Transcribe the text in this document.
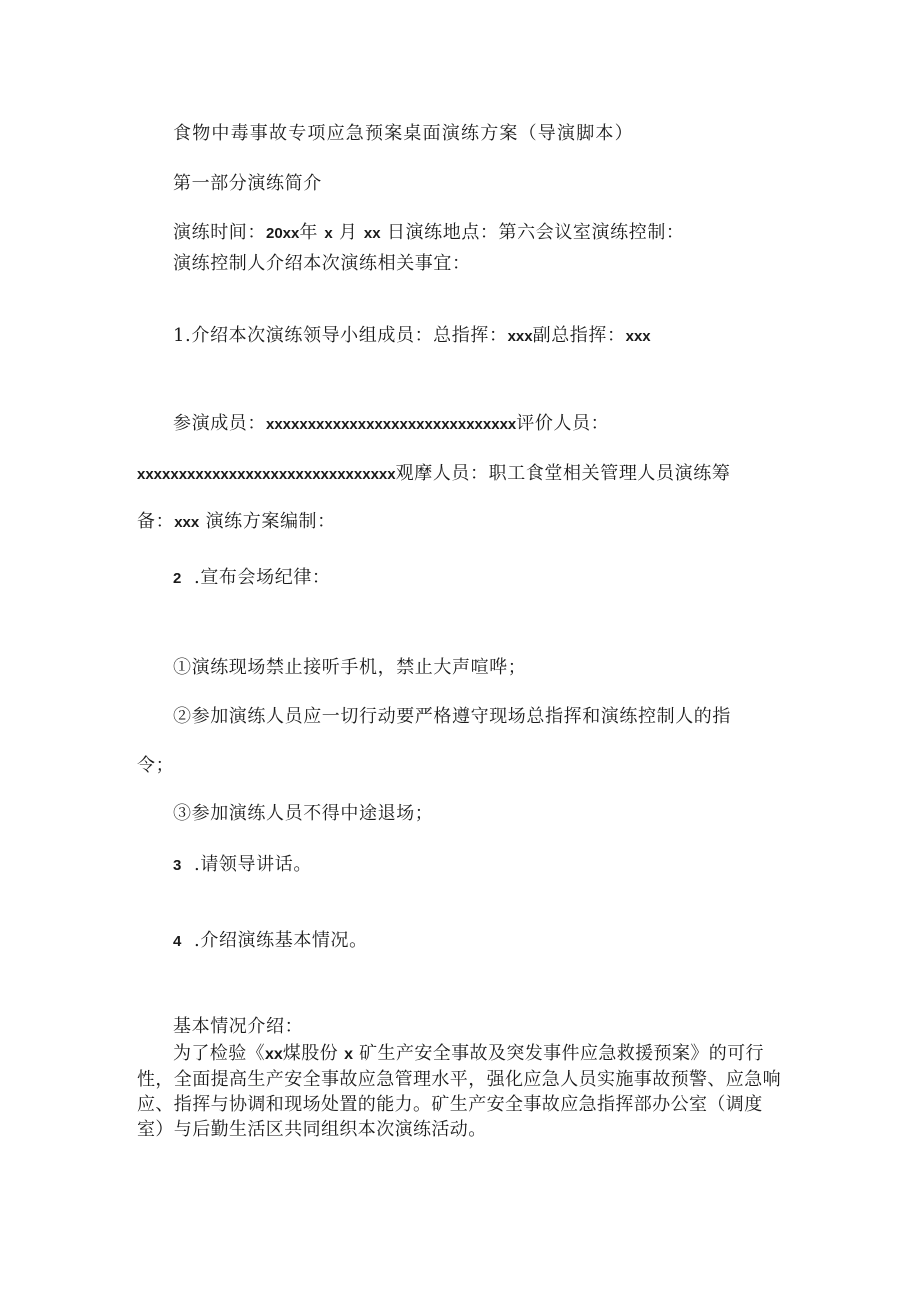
食物中毒事故专项应急预案桌面演练方案（导演脚本）

第一部分演练简介

演练时间：20xx年 x 月 xx 日演练地点：第六会议室演练控制：

演练控制人介绍本次演练相关事宜：

1.介绍本次演练领导小组成员：总指挥：xxx副总指挥：xxx

参演成员：xxxxxxxxxxxxxxxxxxxxxxxxxxxxxx评价人员：

xxxxxxxxxxxxxxxxxxxxxxxxxxxxxxx观摩人员：职工食堂相关管理人员演练筹

备：xxx 演练方案编制：

2 .宣布会场纪律：

①演练现场禁止接听手机，禁止大声喧哗；

②参加演练人员应一切行动要严格遵守现场总指挥和演练控制人的指

令；

③参加演练人员不得中途退场；

3 .请领导讲话。

4 .介绍演练基本情况。

基本情况介绍：

为了检验《xx煤股份 x 矿生产安全事故及突发事件应急救援预案》的可行性，全面提高生产安全事故应急管理水平，强化应急人员实施事故预警、应急响应、指挥与协调和现场处置的能力。矿生产安全事故应急指挥部办公室（调度室）与后勤生活区共同组织本次演练活动。
